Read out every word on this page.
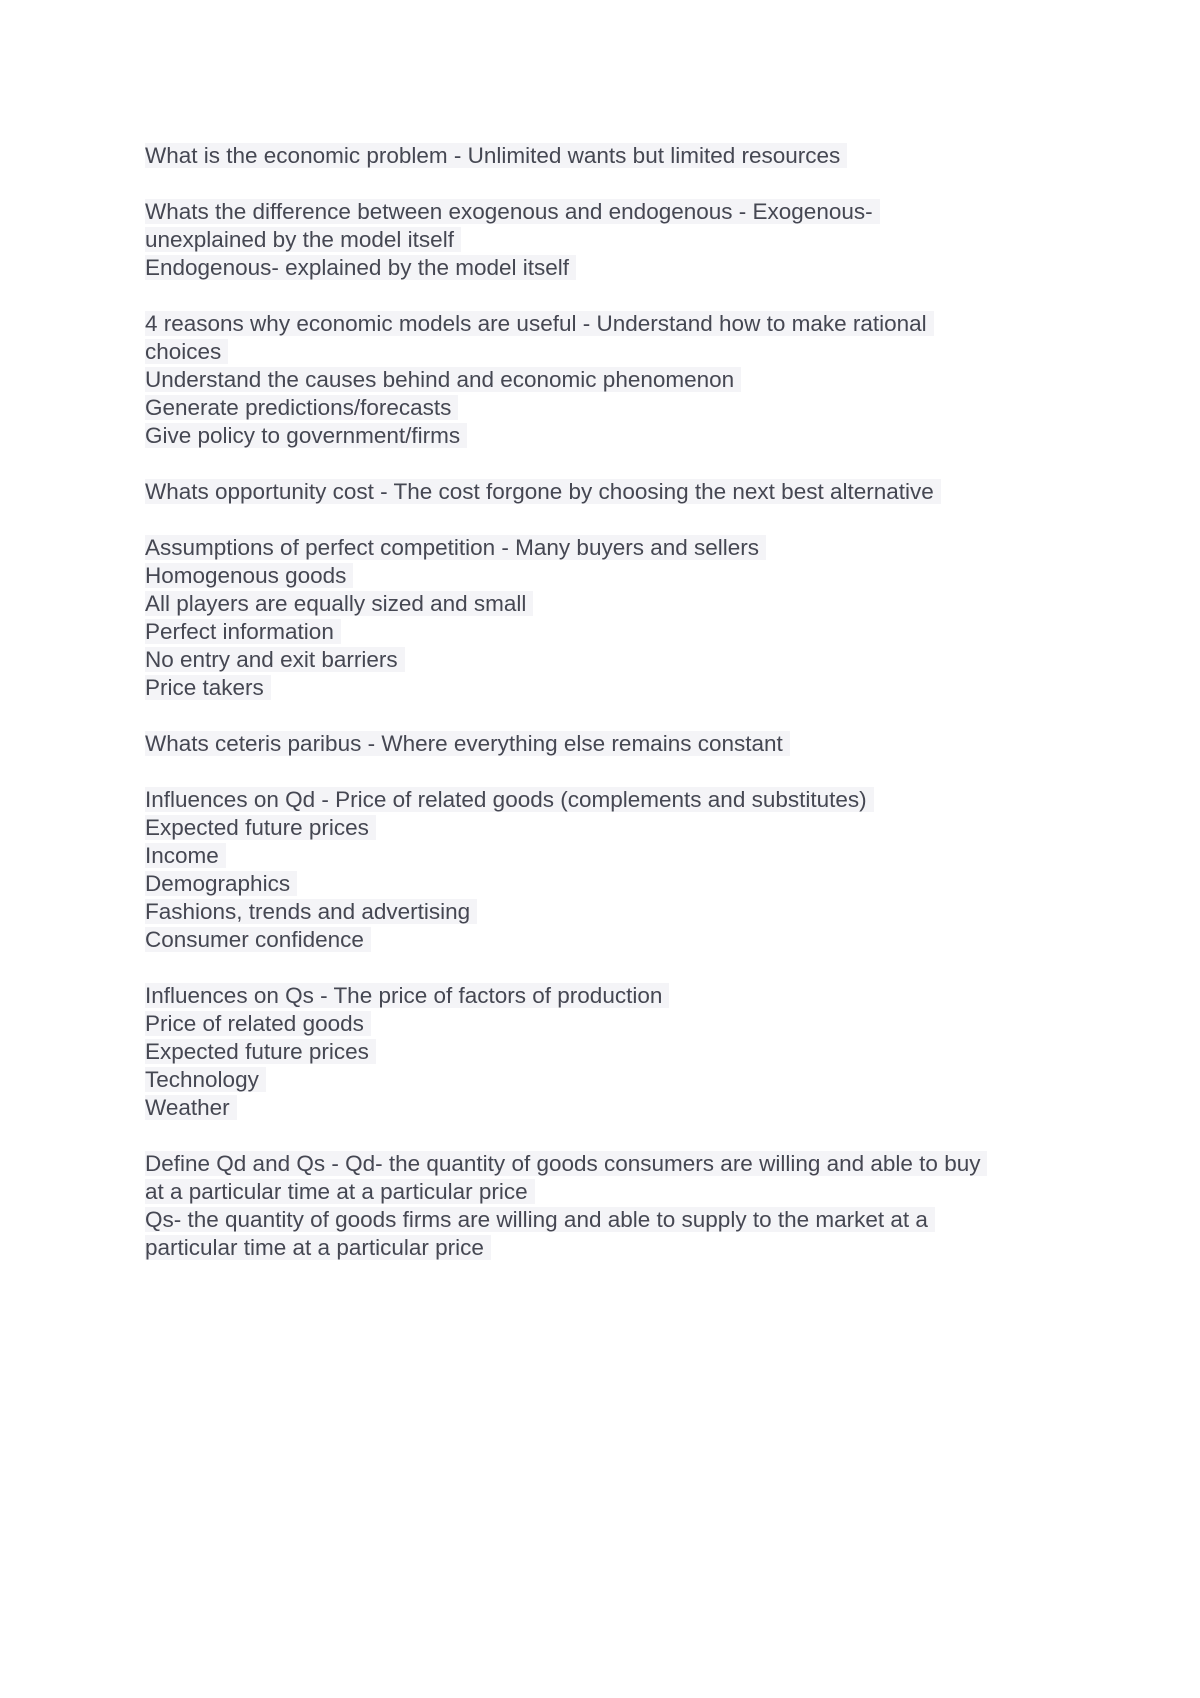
What is the economic problem - Unlimited wants but limited resources
Whats the difference between exogenous and endogenous - Exogenous-
unexplained by the model itself
Endogenous- explained by the model itself
4 reasons why economic models are useful - Understand how to make rational
choices
Understand the causes behind and economic phenomenon
Generate predictions/forecasts
Give policy to government/firms
Whats opportunity cost - The cost forgone by choosing the next best alternative
Assumptions of perfect competition - Many buyers and sellers
Homogenous goods
All players are equally sized and small
Perfect information
No entry and exit barriers
Price takers
Whats ceteris paribus - Where everything else remains constant
Influences on Qd - Price of related goods (complements and substitutes)
Expected future prices
Income
Demographics
Fashions, trends and advertising
Consumer confidence
Influences on Qs - The price of factors of production
Price of related goods
Expected future prices
Technology
Weather
Define Qd and Qs - Qd- the quantity of goods consumers are willing and able to buy
at a particular time at a particular price
Qs- the quantity of goods firms are willing and able to supply to the market at a
particular time at a particular price
